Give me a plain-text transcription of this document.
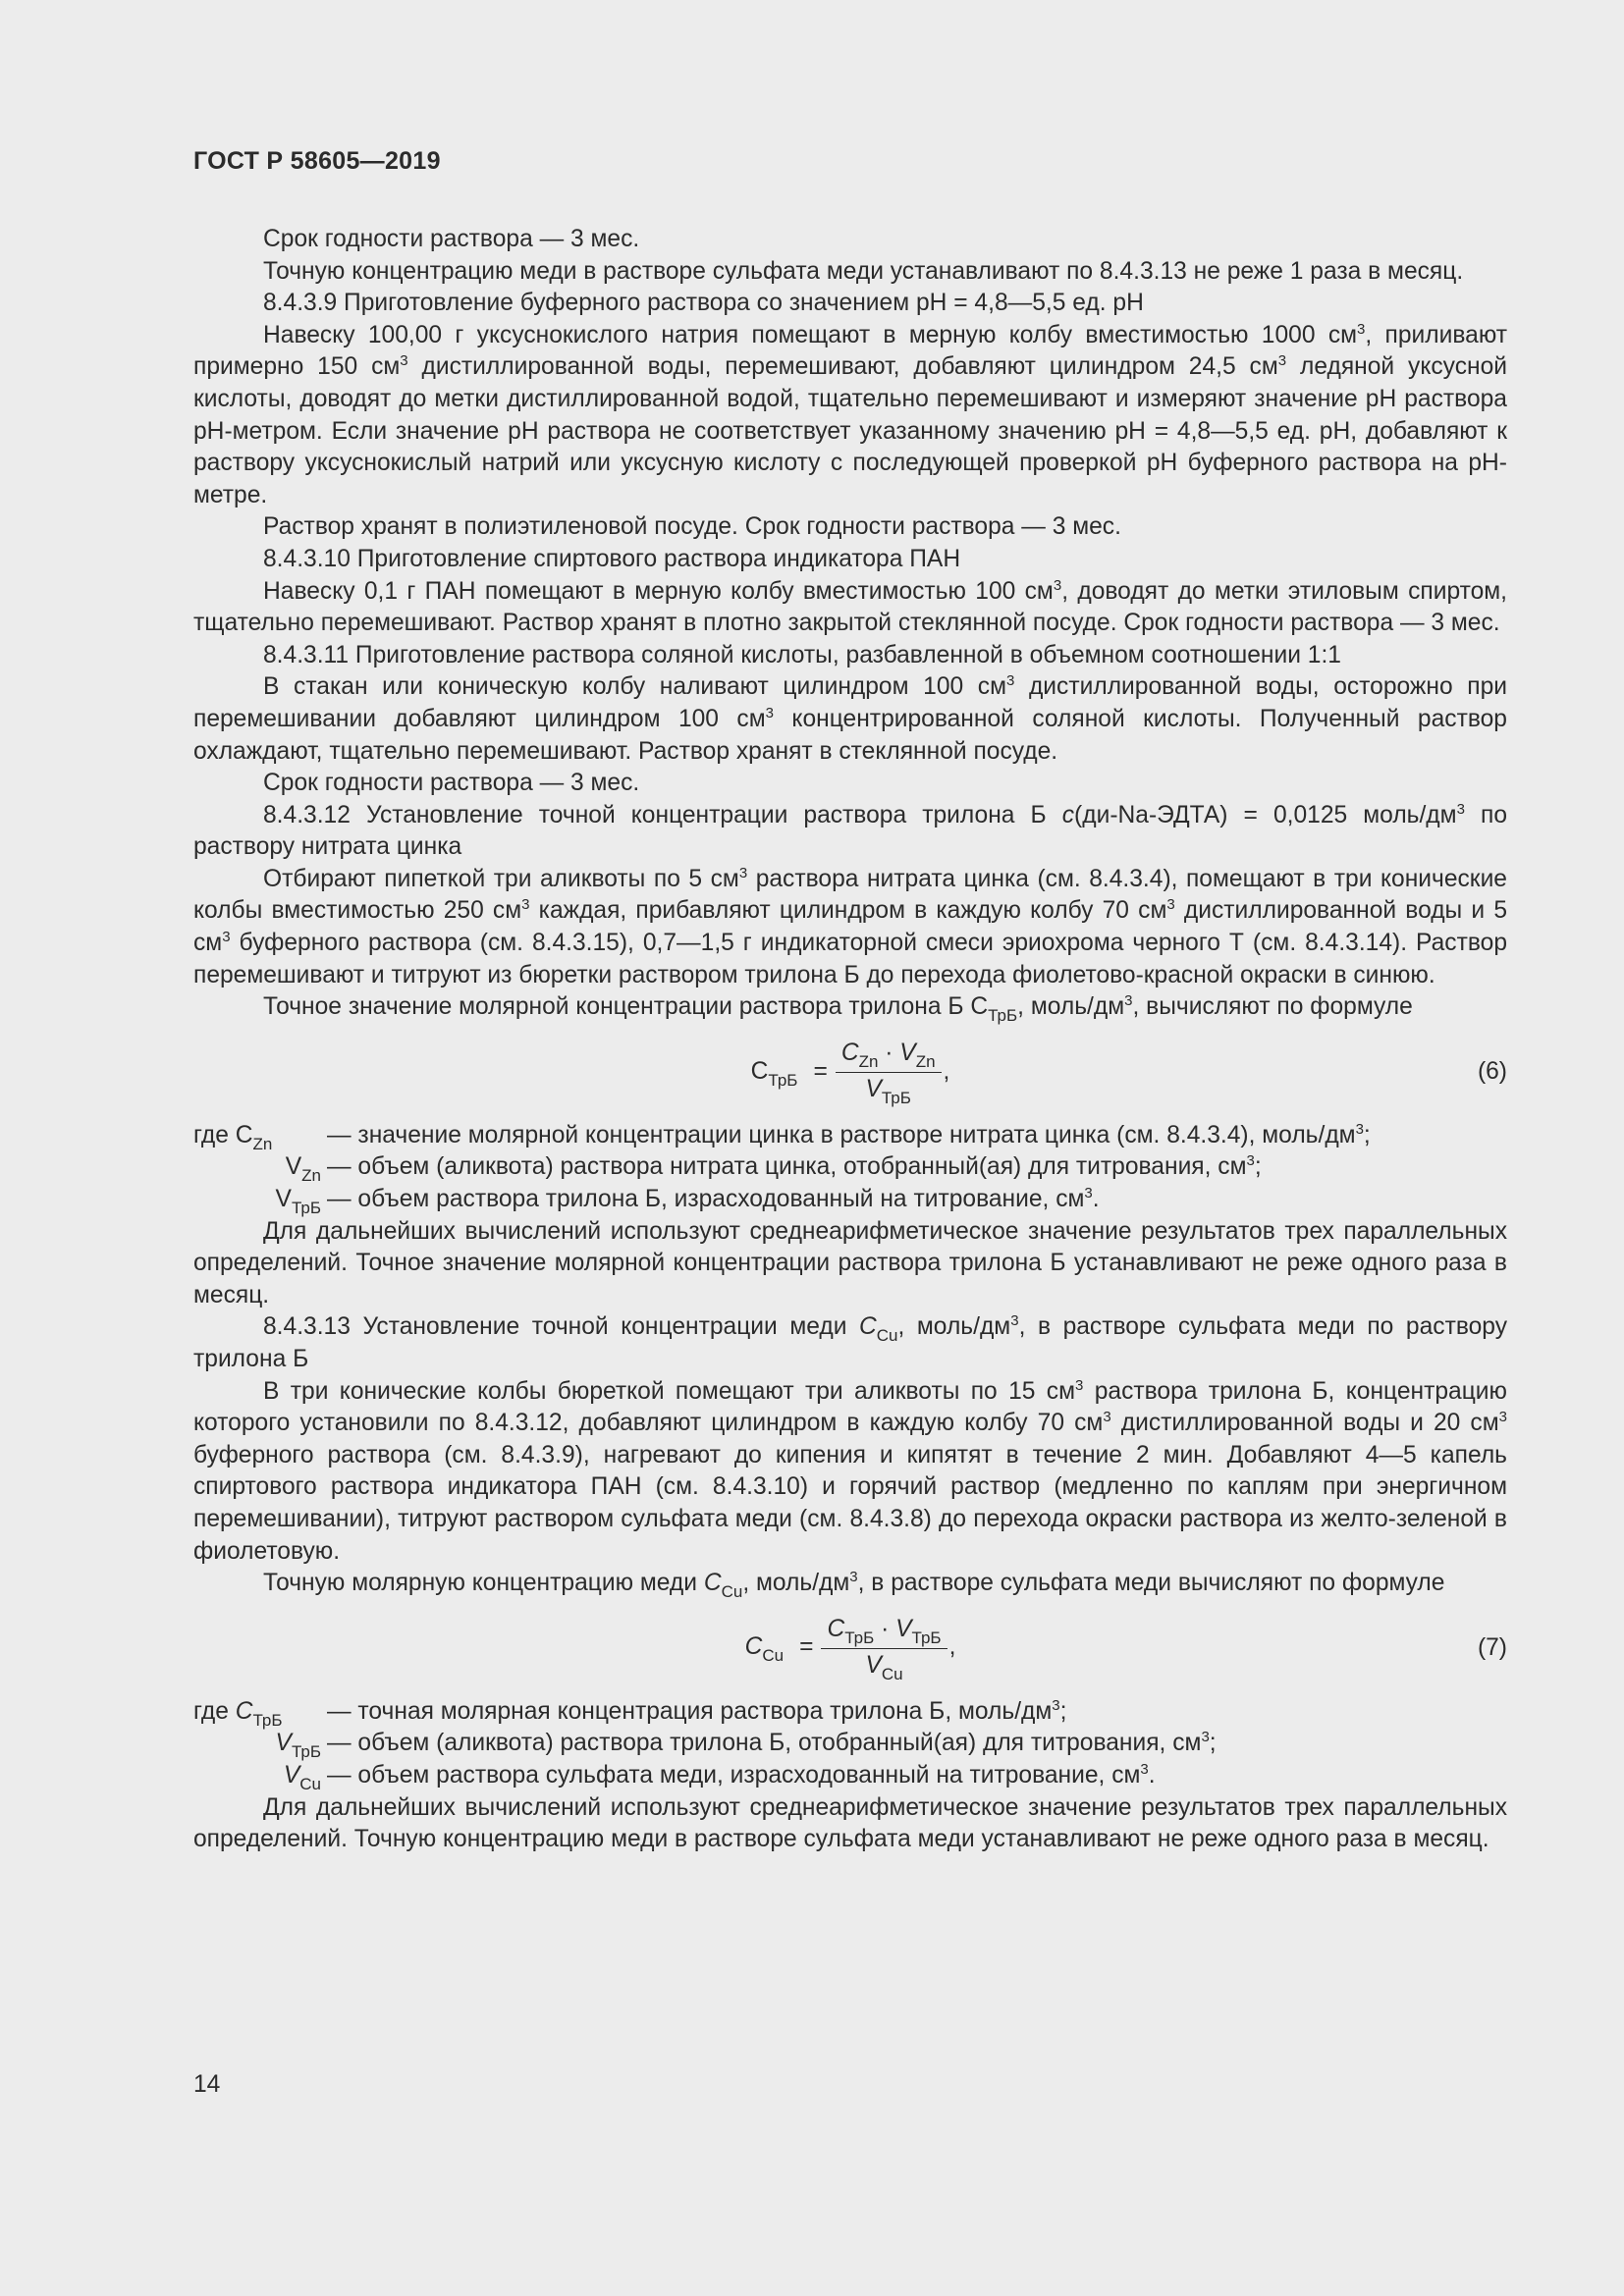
ГОСТ Р 58605—2019

Срок годности раствора — 3 мес.

Точную концентрацию меди в растворе сульфата меди устанавливают по 8.4.3.13 не реже 1 раза в месяц.

8.4.3.9 Приготовление буферного раствора со значением pH = 4,8—5,5 ед. pH

Навеску 100,00 г уксуснокислого натрия помещают в мерную колбу вместимостью 1000 $см^3$, приливают примерно 150 $см^3$ дистиллированной воды, перемешивают, добавляют цилиндром 24,5 $см^3$ ледяной уксусной кислоты, доводят до метки дистиллированной водой, тщательно перемешивают и измеряют значение pH раствора pH-метром. Если значение pH раствора не соответствует указанному значению pH = 4,8—5,5 ед. pH, добавляют к раствору уксуснокислый натрий или уксусную кислоту с последующей проверкой pH буферного раствора на pH-метре.

Раствор хранят в полиэтиленовой посуде. Срок годности раствора — 3 мес.

8.4.3.10 Приготовление спиртового раствора индикатора ПАН

Навеску 0,1 г ПАН помещают в мерную колбу вместимостью 100 $см^3$, доводят до метки этиловым спиртом, тщательно перемешивают. Раствор хранят в плотно закрытой стеклянной посуде. Срок годности раствора — 3 мес.

8.4.3.11 Приготовление раствора соляной кислоты, разбавленной в объемном соотношении 1:1

В стакан или коническую колбу наливают цилиндром 100 $см^3$ дистиллированной воды, осторожно при перемешивании добавляют цилиндром 100 $см^3$ концентрированной соляной кислоты. Полученный раствор охлаждают, тщательно перемешивают. Раствор хранят в стеклянной посуде.

Срок годности раствора — 3 мес.

8.4.3.12 Установление точной концентрации раствора трилона Б c(ди-Na-ЭДТА) = 0,0125 моль/$дм^3$ по раствору нитрата цинка

Отбирают пипеткой три аликвоты по 5 $см^3$ раствора нитрата цинка (см. 8.4.3.4), помещают в три конические колбы вместимостью 250 $см^3$ каждая, прибавляют цилиндром в каждую колбу 70 $см^3$ дистиллированной воды и 5 $см^3$ буферного раствора (см. 8.4.3.15), 0,7—1,5 г индикаторной смеси эриохрома черного Т (см. 8.4.3.14). Раствор перемешивают и титруют из бюретки раствором трилона Б до перехода фиолетово-красной окраски в синюю.

Точное значение молярной концентрации раствора трилона Б $С_{ТрБ}$, моль/$дм^3$, вычисляют по формуле

$С_{ТрБ} = \frac{C_{Zn} \cdot V_{Zn}}{V_{ТрБ}}$ ,	(6)
где $С_{Zn}$	— значение молярной концентрации цинка в растворе нитрата цинка (см. 8.4.3.4), моль/$дм^3$;
$V_{Zn}$ — объем (аликвота) раствора нитрата цинка, отобранный(ая) для титрования, $см^3$;
$V_{ТрБ}$ — объем раствора трилона Б, израсходованный на титрование, $см^3$.

Для дальнейших вычислений используют среднеарифметическое значение результатов трех параллельных определений. Точное значение молярной концентрации раствора трилона Б устанавливают не реже одного раза в месяц.

8.4.3.13 Установление точной концентрации меди $C_{Cu}$, моль/$дм^3$, в растворе сульфата меди по раствору трилона Б

В три конические колбы бюреткой помещают три аликвоты по 15 $см^3$ раствора трилона Б, концентрацию которого установили по 8.4.3.12, добавляют цилиндром в каждую колбу 70 $см^3$ дистиллированной воды и 20 $см^3$ буферного раствора (см. 8.4.3.9), нагревают до кипения и кипятят в течение 2 мин. Добавляют 4—5 капель спиртового раствора индикатора ПАН (см. 8.4.3.10) и горячий раствор (медленно по каплям при энергичном перемешивании), титруют раствором сульфата меди (см. 8.4.3.8) до перехода окраски раствора из желто-зеленой в фиолетовую.

Точную молярную концентрацию меди $C_{Cu}$, моль/$дм^3$, в растворе сульфата меди вычисляют по формуле

$C_{Cu} = \frac{C_{ТрБ} \cdot V_{ТрБ}}{V_{Cu}}$ ,	(7)
где $C_{ТрБ}$	— точная молярная концентрация раствора трилона Б, моль/$дм^3$;
$V_{ТрБ}$ — объем (аликвота) раствора трилона Б, отобранный(ая) для титрования, $см^3$;
$V_{Cu}$ — объем раствора сульфата меди, израсходованный на титрование, $см^3$.

Для дальнейших вычислений используют среднеарифметическое значение результатов трех параллельных определений. Точную концентрацию меди в растворе сульфата меди устанавливают не реже одного раза в месяц.

14
